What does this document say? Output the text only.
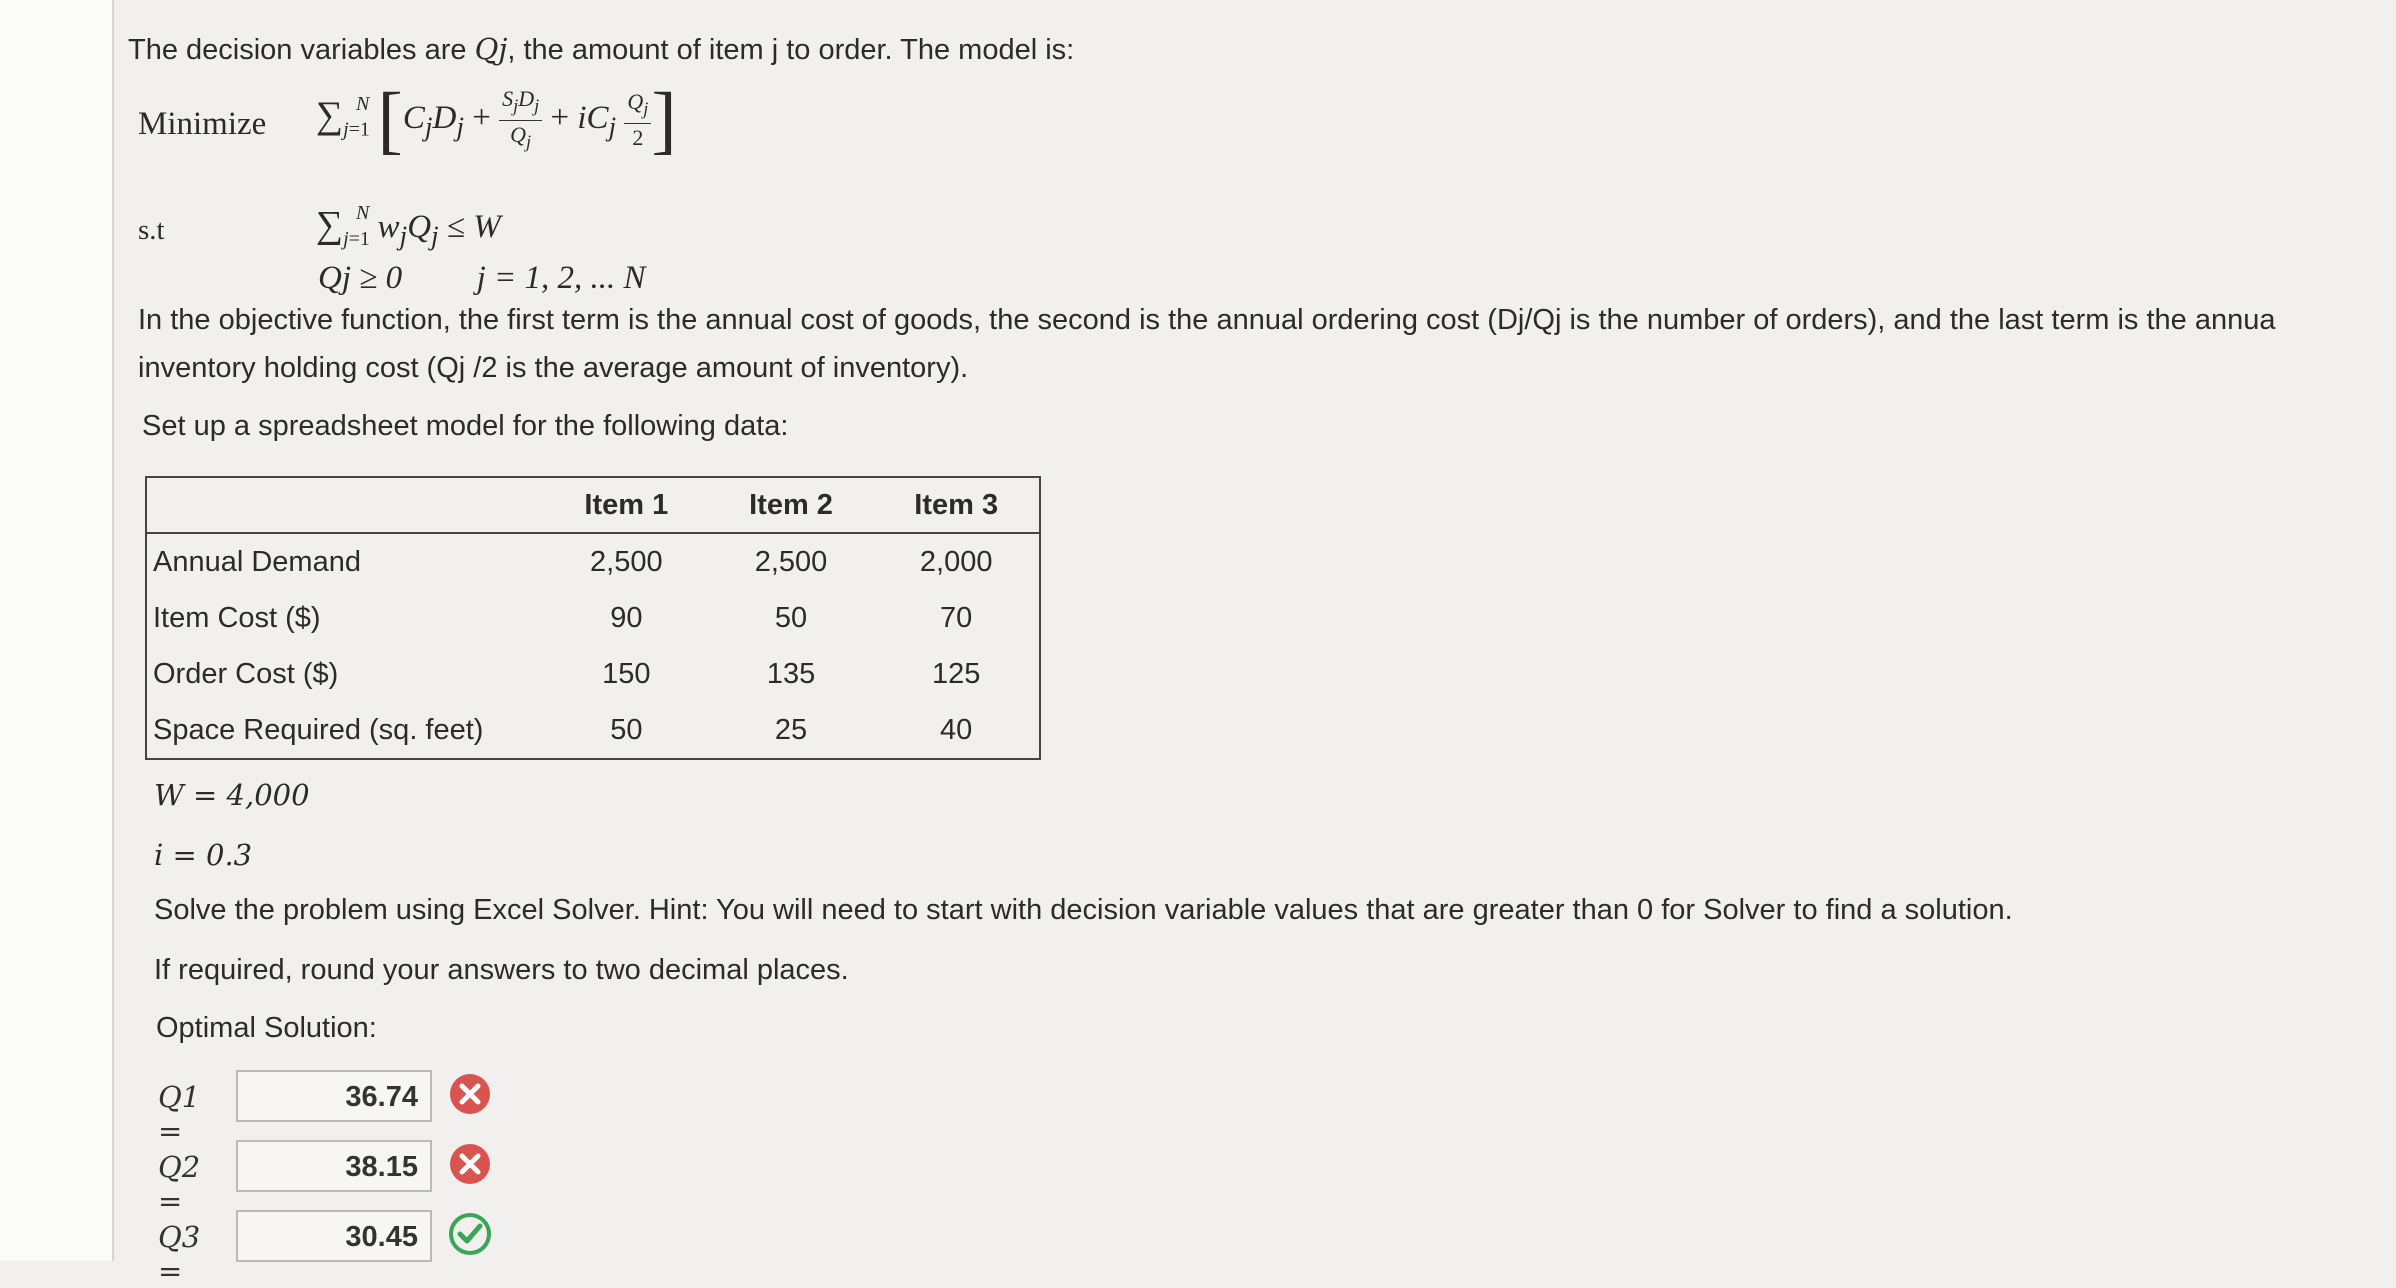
The decision variables are Qj, the amount of item j to order. The model is:
Minimize $\sum_{j=1}^N$ [$C_jD_j + \frac{S_jD_j}{Q_j} + iC_j \frac{Q_j}{2}$ ]
s.t	$\sum_{j=1}^N$ $w_jQ_j \le W$
Qj ≥ 0 j = 1, 2, ... N
In the objective function, the first term is the annual cost of goods, the second is the annual ordering cost (Dj/Qj is the number of orders), and the last term is the annua
inventory holding cost (Qj /2 is the average amount of inventory).
Set up a spreadsheet model for the following data:
	Item 1	Item 2	Item 3
Annual Demand	2,500	2,500	2,000
Item Cost ($)	90	50	70
Order Cost ($)	150	135	125
Space Required (sq. feet)	50	25	40
W = 4,000
i = 0.3
Solve the problem using Excel Solver. Hint: You will need to start with decision variable values that are greater than 0 for Solver to find a solution.
If required, round your answers to two decimal places.
Optimal Solution:
Q1 =
36.74
Q2 =
38.15
Q3 =
30.45
